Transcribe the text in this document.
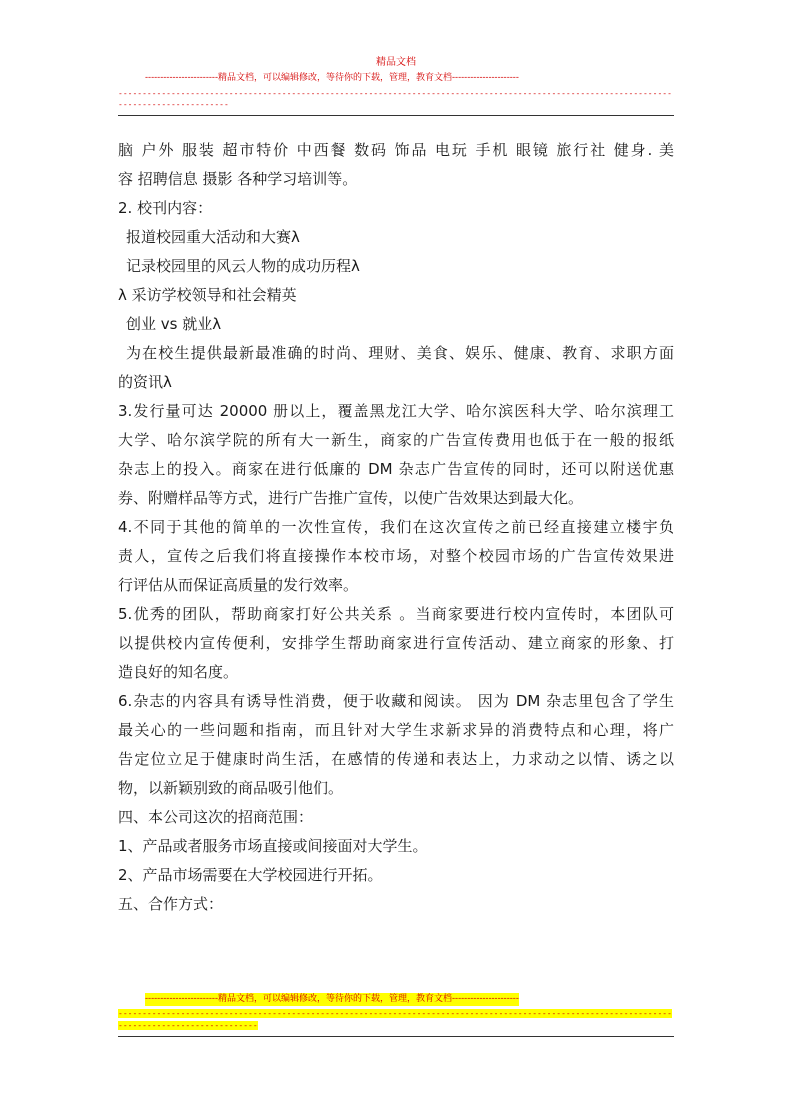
精品文档
------------------------精品文档，可以编辑修改，等待你的下载，管理，教育文档----------------------
------------------------------------------------------------------------------------------------------------------------------------------

脑 户外 服装 超市特价 中西餐 数码 饰品 电玩 手机 眼镜 旅行社 健身. 美

容 招聘信息 摄影 各种学习培训等。

2. 校刊内容：

报道校园重大活动和大赛λ

记录校园里的风云人物的成功历程λ

λ 采访学校领导和社会精英

创业 vs 就业λ

为在校生提供最新最准确的时尚、理财、美食、娱乐、健康、教育、求职方面

的资讯λ

3.发行量可达 20000 册以上，覆盖黑龙江大学、哈尔滨医科大学、哈尔滨理工

大学、哈尔滨学院的所有大一新生，商家的广告宣传费用也低于在一般的报纸

杂志上的投入。商家在进行低廉的 DM 杂志广告宣传的同时，还可以附送优惠

券、附赠样品等方式，进行广告推广宣传，以使广告效果达到最大化。

4.不同于其他的简单的一次性宣传，我们在这次宣传之前已经直接建立楼宇负

责人，宣传之后我们将直接操作本校市场，对整个校园市场的广告宣传效果进

行评估从而保证高质量的发行效率。

5.优秀的团队，帮助商家打好公共关系 。当商家要进行校内宣传时，本团队可

以提供校内宣传便利，安排学生帮助商家进行宣传活动、建立商家的形象、打

造良好的知名度。

6.杂志的内容具有诱导性消费，便于收藏和阅读。 因为 DM 杂志里包含了学生

最关心的一些问题和指南，而且针对大学生求新求异的消费特点和心理，将广

告定位立足于健康时尚生活，在感情的传递和表达上，力求动之以情、诱之以

物，以新颖别致的商品吸引他们。

四、本公司这次的招商范围：

1、产品或者服务市场直接或间接面对大学生。

2、产品市场需要在大学校园进行开拓。

五、合作方式：

------------------------精品文档，可以编辑修改，等待你的下载，管理，教育文档----------------------
------------------------------------------------------------------------------------------------------------------------------------------------
